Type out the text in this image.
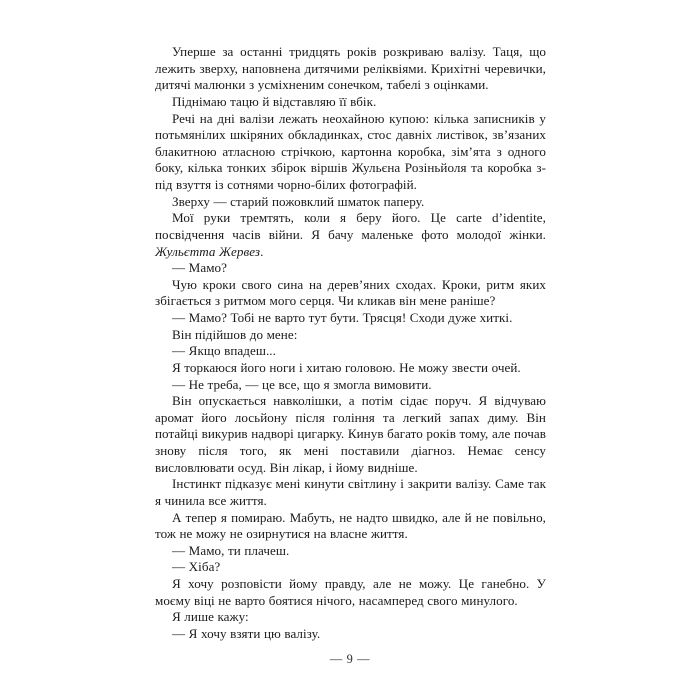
Уперше за останні тридцять років розкриваю валізу. Таця, що лежить зверху, наповнена дитячими реліквіями. Крихітні черевички, дитячі малюнки з усміхненим сонечком, табелі з оцінками.

Піднімаю тацю й відставляю її вбік.

Речі на дні валізи лежать неохайною купою: кілька записників у потьмянілих шкіряних обкладинках, стос давніх листівок, зв’язаних блакитною атласною стрічкою, картонна коробка, зім’ята з одного боку, кілька тонких збірок віршів Жульєна Розіньйоля та коробка з-під взуття із сотнями чорно-білих фотографій.

Зверху — старий пожовклий шматок паперу.

Мої руки тремтять, коли я беру його. Це carte d’identite, посвідчення часів війни. Я бачу маленьке фото молодої жінки. Жульєтта Жервез.

— Мамо?

Чую кроки свого сина на дерев’яних сходах. Кроки, ритм яких збігається з ритмом мого серця. Чи кликав він мене раніше?

— Мамо? Тобі не варто тут бути. Трясця! Сходи дуже хиткі.

Він підійшов до мене:

— Якщо впадеш...

Я торкаюся його ноги і хитаю головою. Не можу звести очей.

— Не треба, — це все, що я змогла вимовити.

Він опускається навколішки, а потім сідає поруч. Я відчуваю аромат його лосьйону після гоління та легкий запах диму. Він потайці викурив надворі цигарку. Кинув багато років тому, але почав знову після того, як мені поставили діагноз. Немає сенсу висловлювати осуд. Він лікар, і йому видніше.

Інстинкт підказує мені кинути світлину і закрити валізу. Саме так я чинила все життя.

А тепер я помираю. Мабуть, не надто швидко, але й не повільно, тож не можу не озирнутися на власне життя.

— Мамо, ти плачеш.

— Хіба?

Я хочу розповісти йому правду, але не можу. Це ганебно. У моєму віці не варто боятися нічого, насамперед свого минулого.

Я лише кажу:

— Я хочу взяти цю валізу.

— 9 —
